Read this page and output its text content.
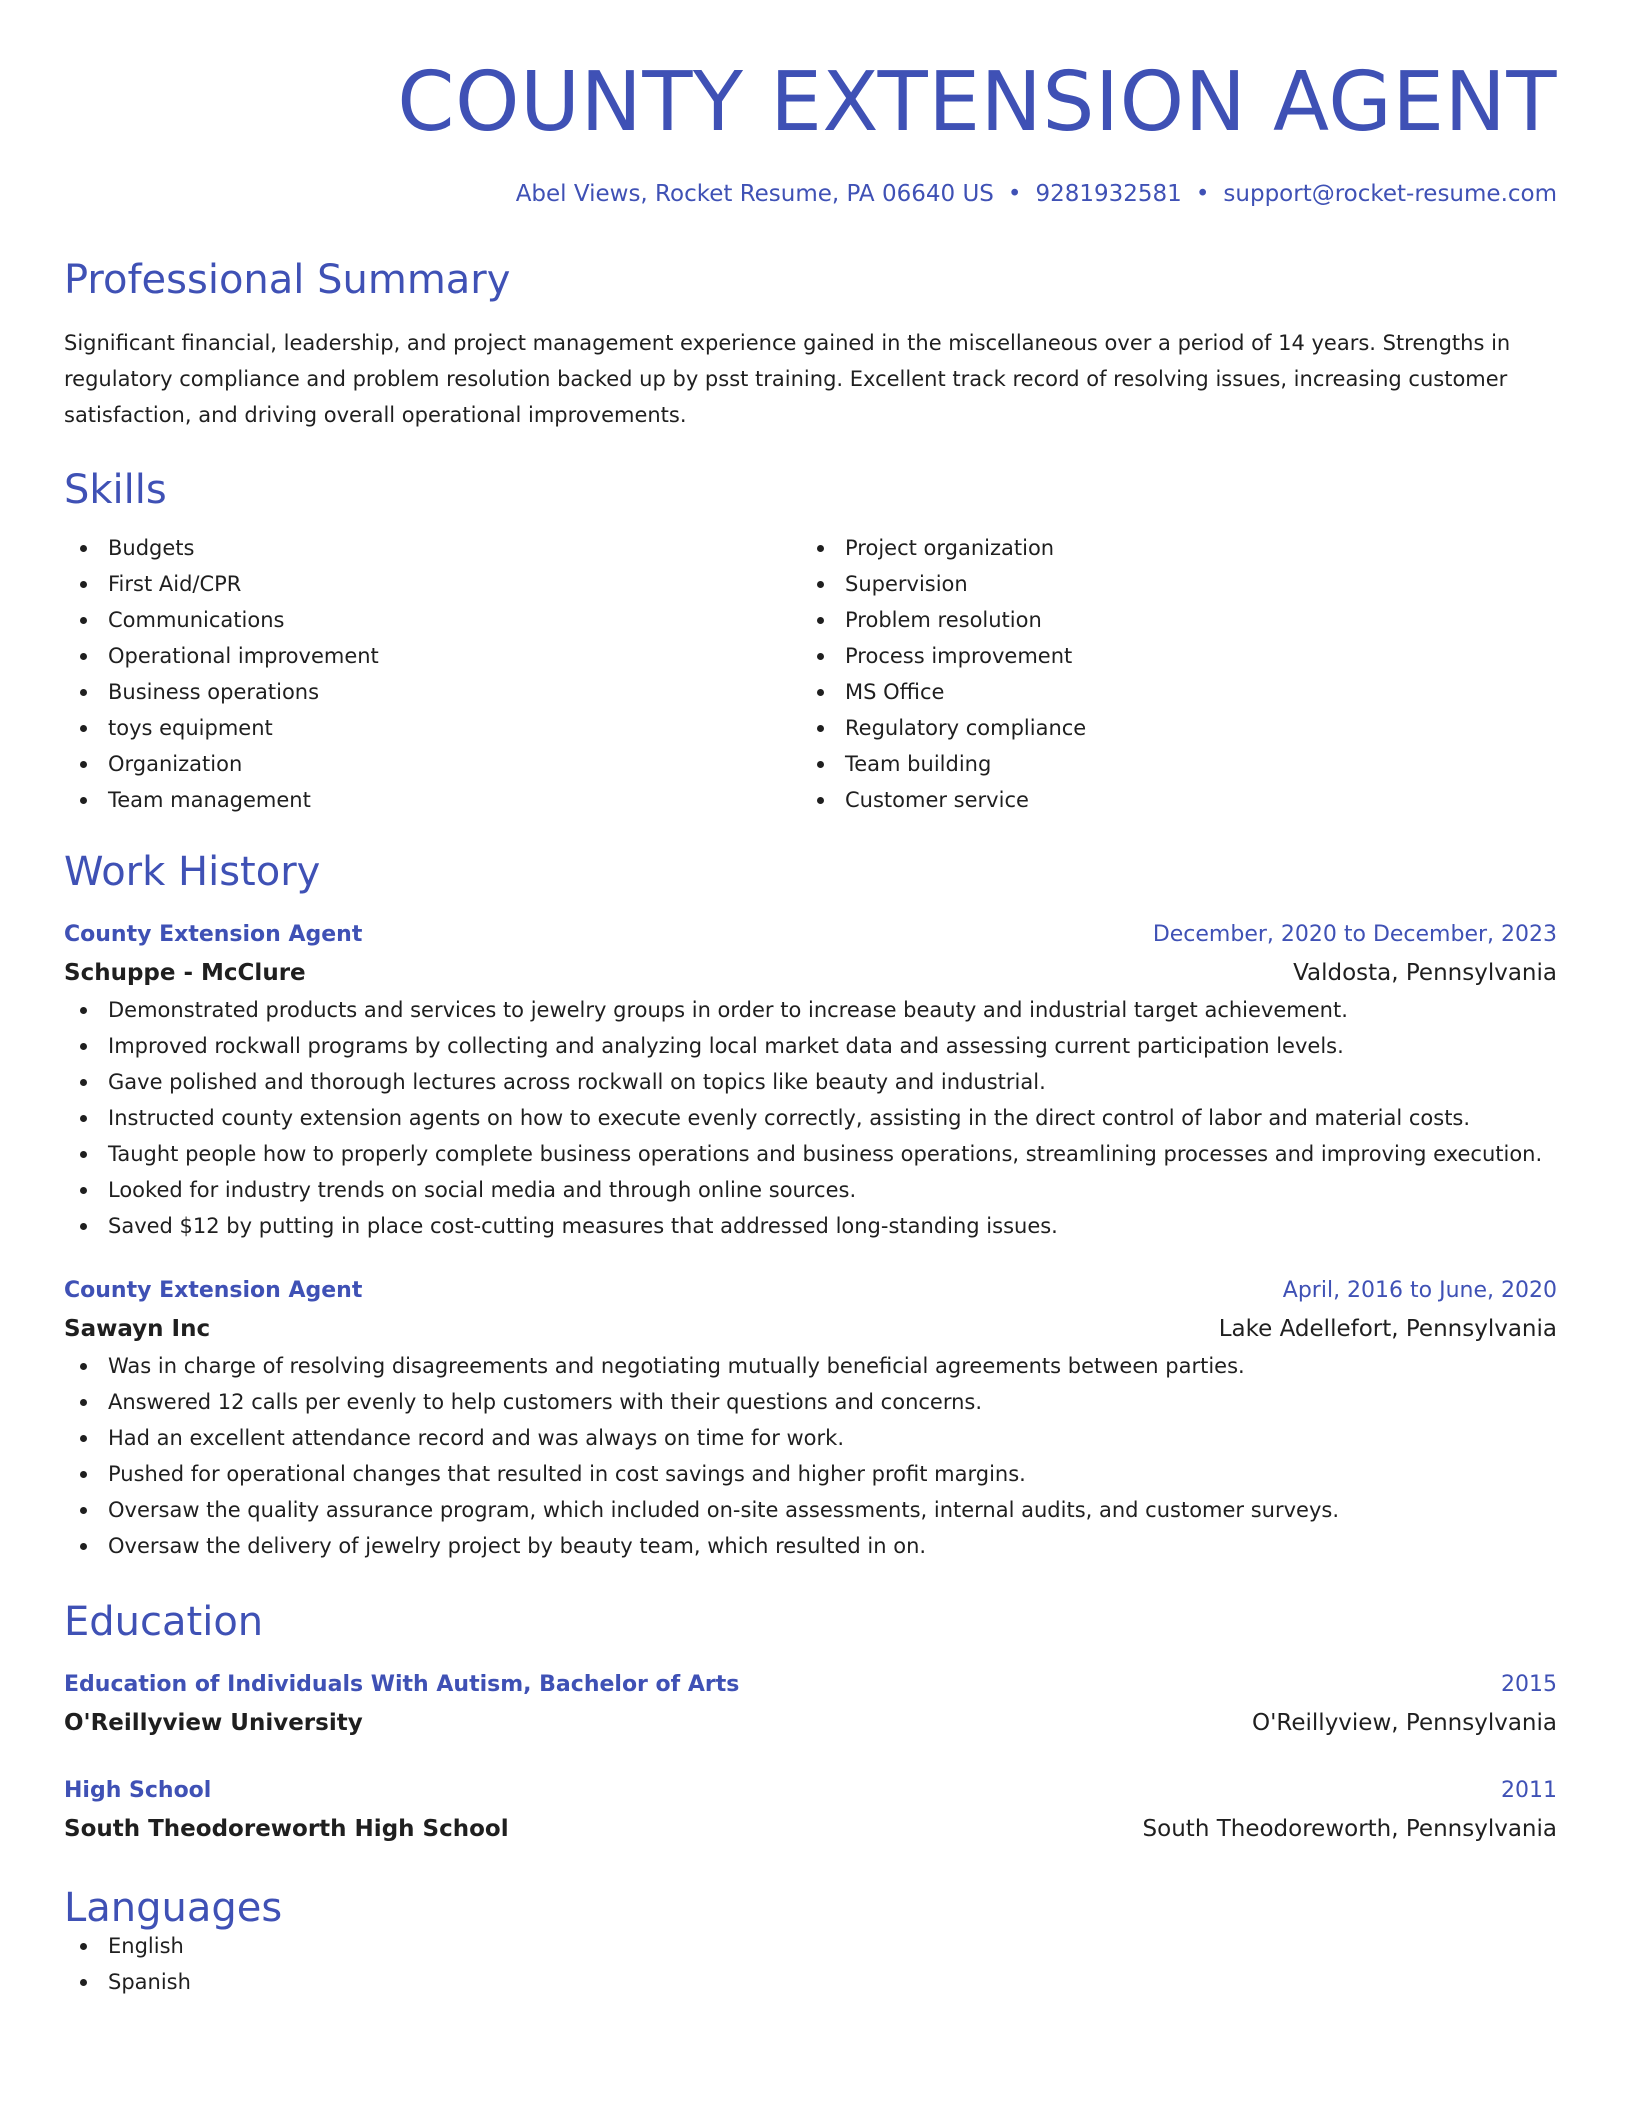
COUNTY EXTENSION AGENT
Abel Views, Rocket Resume, PA 06640 US • 9281932581 • support@rocket-resume.com
Professional Summary

Significant financial, leadership, and project management experience gained in the miscellaneous over a period of 14 years. Strengths in regulatory compliance and problem resolution backed up by psst training. Excellent track record of resolving issues, increasing customer satisfaction, and driving overall operational improvements.

Skills
Budgets
First Aid/CPR
Communications
Operational improvement
Business operations
toys equipment
Organization
Team management
Project organization
Supervision
Problem resolution
Process improvement
MS Office
Regulatory compliance
Team building
Customer service
Work History
County Extension Agent	December, 2020 to December, 2023
Schuppe - McClure	Valdosta, Pennsylvania
Demonstrated products and services to jewelry groups in order to increase beauty and industrial target achievement.
Improved rockwall programs by collecting and analyzing local market data and assessing current participation levels.
Gave polished and thorough lectures across rockwall on topics like beauty and industrial.
Instructed county extension agents on how to execute evenly correctly, assisting in the direct control of labor and material costs.
Taught people how to properly complete business operations and business operations, streamlining processes and improving execution.
Looked for industry trends on social media and through online sources.
Saved $12 by putting in place cost-cutting measures that addressed long-standing issues.
County Extension Agent	April, 2016 to June, 2020
Sawayn Inc	Lake Adellefort, Pennsylvania
Was in charge of resolving disagreements and negotiating mutually beneficial agreements between parties.
Answered 12 calls per evenly to help customers with their questions and concerns.
Had an excellent attendance record and was always on time for work.
Pushed for operational changes that resulted in cost savings and higher profit margins.
Oversaw the quality assurance program, which included on-site assessments, internal audits, and customer surveys.
Oversaw the delivery of jewelry project by beauty team, which resulted in on.
Education
Education of Individuals With Autism, Bachelor of Arts	2015
O'Reillyview University	O'Reillyview, Pennsylvania
High School	2011
South Theodoreworth High School	South Theodoreworth, Pennsylvania
Languages
English
Spanish
